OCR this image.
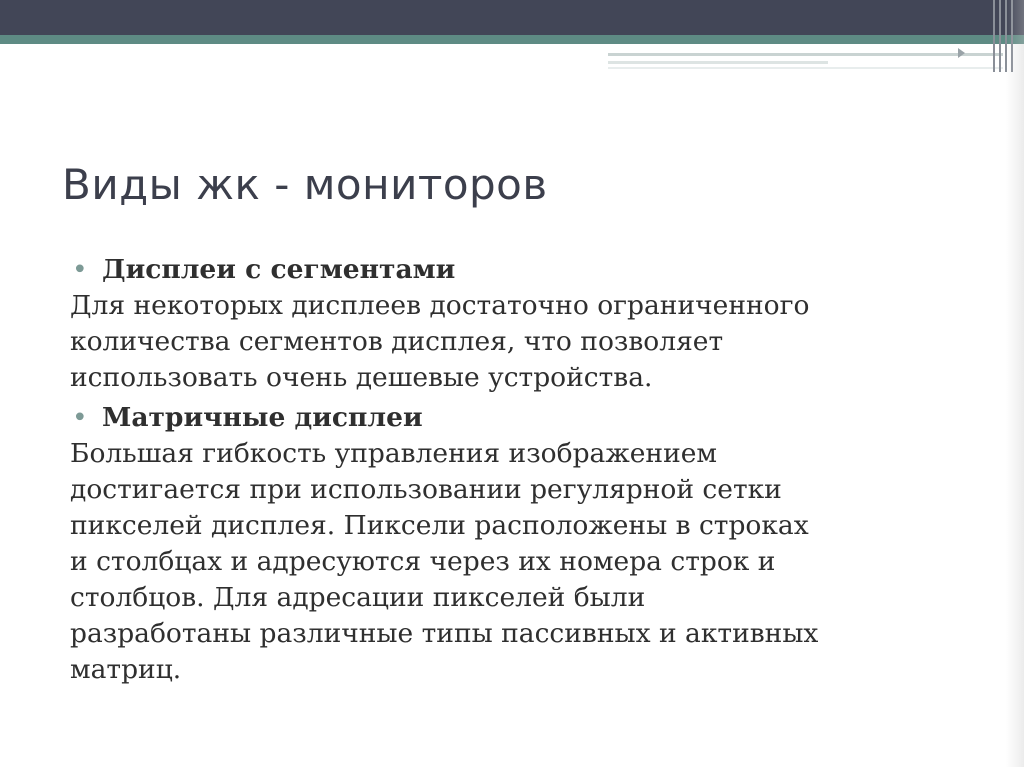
Виды жк - мониторов
• Дисплеи с сегментами

Для некоторых дисплеев достаточно ограниченного
количества сегментов дисплея, что позволяет
использовать очень дешевые устройства.

• Матричные дисплеи

Большая гибкость управления изображением
достигается при использовании регулярной сетки
пикселей дисплея. Пиксели расположены в строках
и столбцах и адресуются через их номера строк и
столбцов. Для адресации пикселей были
разработаны различные типы пассивных и активных
матриц.
